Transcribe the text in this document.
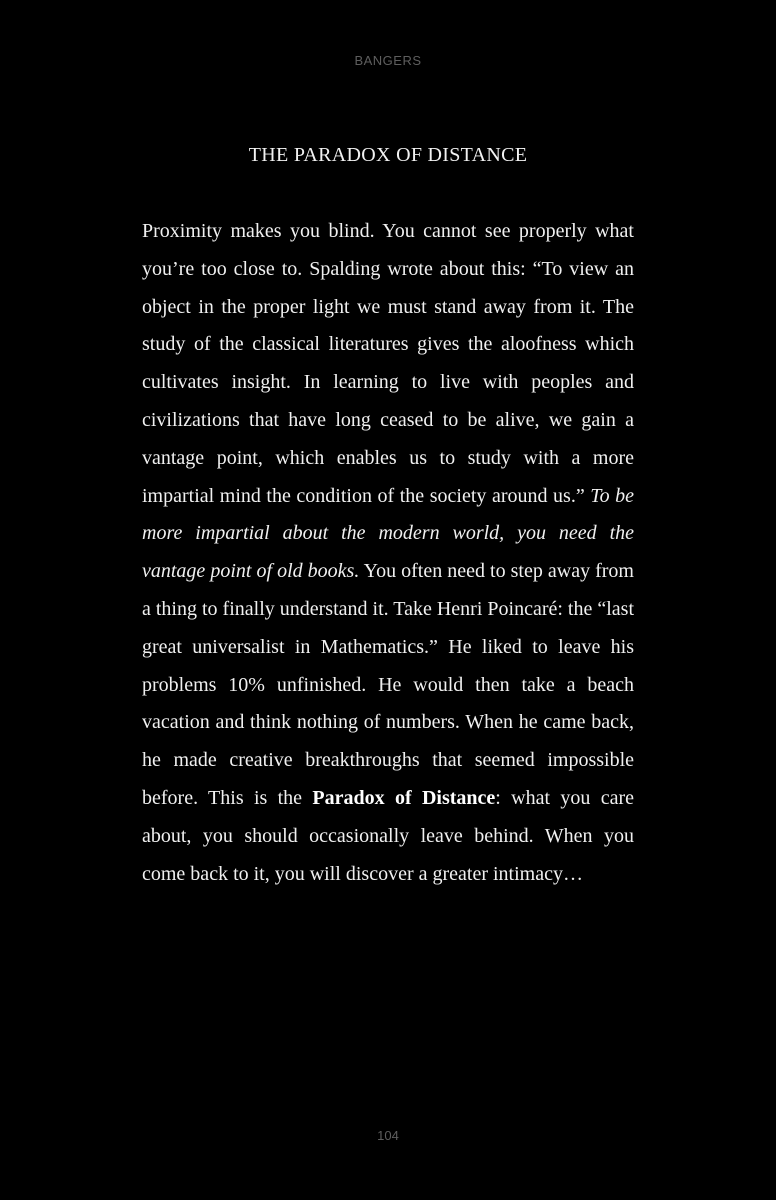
BANGERS
THE PARADOX OF DISTANCE

Proximity makes you blind. You cannot see properly what you’re too close to. Spalding wrote about this: “To view an object in the proper light we must stand away from it. The study of the classical literatures gives the aloofness which cultivates insight. In learning to live with peoples and civilizations that have long ceased to be alive, we gain a vantage point, which enables us to study with a more impartial mind the condition of the society around us.” To be more impartial about the modern world, you need the vantage point of old books. You often need to step away from a thing to finally understand it. Take Henri Poincaré: the “last great universalist in Mathematics.” He liked to leave his problems 10% unfinished. He would then take a beach vacation and think nothing of numbers. When he came back, he made creative breakthroughs that seemed impossible before. This is the Paradox of Distance: what you care about, you should occasionally leave behind. When you come back to it, you will discover a greater intimacy…

104
